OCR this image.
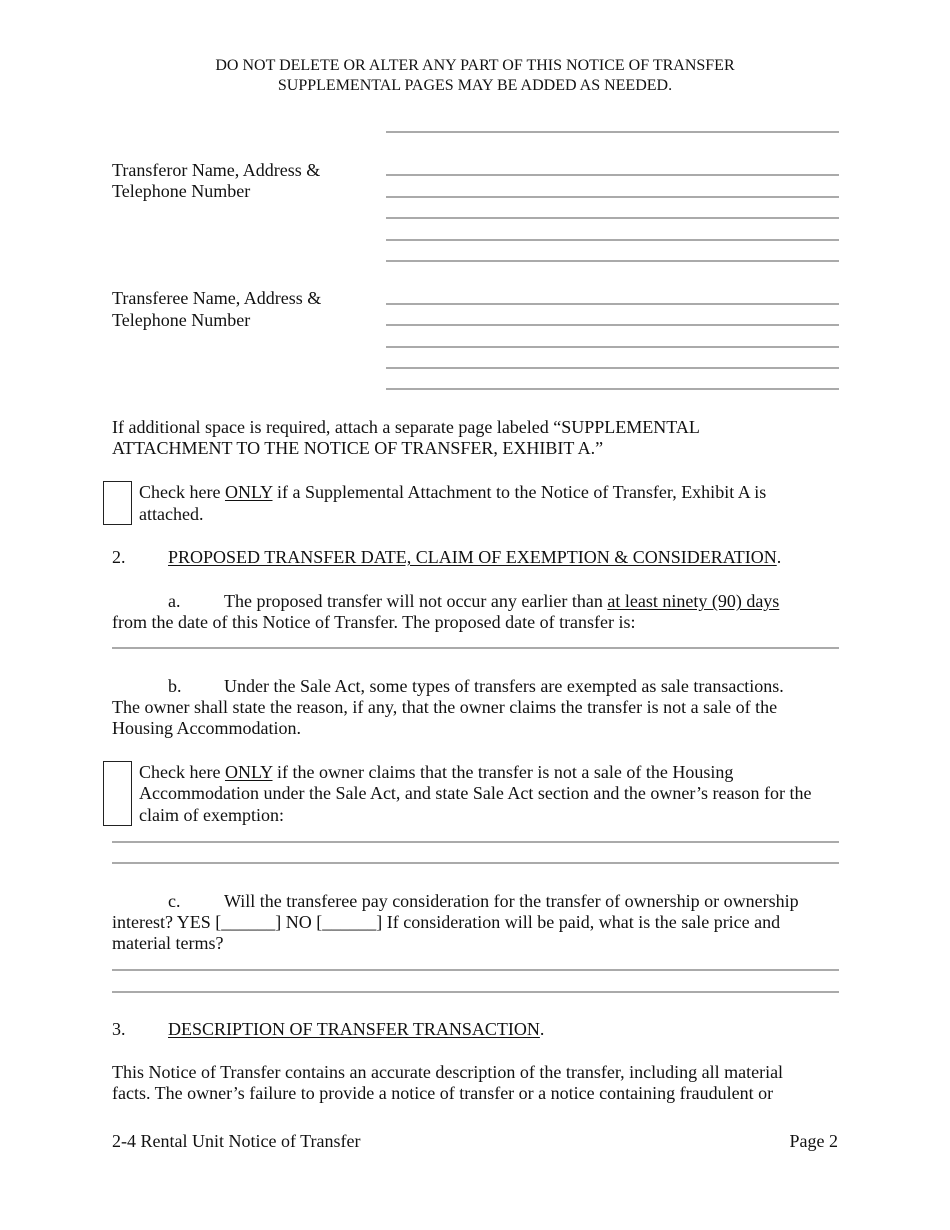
DO NOT DELETE OR ALTER ANY PART OF THIS NOTICE OF TRANSFER
SUPPLEMENTAL PAGES MAY BE ADDED AS NEEDED.
Transferor Name, Address &
Telephone Number
Transferee Name, Address &
Telephone Number
If additional space is required, attach a separate page labeled “SUPPLEMENTAL
ATTACHMENT TO THE NOTICE OF TRANSFER, EXHIBIT A.”
Check here ONLY if a Supplemental Attachment to the Notice of Transfer, Exhibit A is
attached.
2. PROPOSED TRANSFER DATE, CLAIM OF EXEMPTION & CONSIDERATION.
a. The proposed transfer will not occur any earlier than at least ninety (90) days
from the date of this Notice of Transfer. The proposed date of transfer is:
b. Under the Sale Act, some types of transfers are exempted as sale transactions.
The owner shall state the reason, if any, that the owner claims the transfer is not a sale of the
Housing Accommodation.
Check here ONLY if the owner claims that the transfer is not a sale of the Housing
Accommodation under the Sale Act, and state Sale Act section and the owner’s reason for the
claim of exemption:
c. Will the transferee pay consideration for the transfer of ownership or ownership
interest? YES [______] NO [______] If consideration will be paid, what is the sale price and
material terms?
3. DESCRIPTION OF TRANSFER TRANSACTION.
This Notice of Transfer contains an accurate description of the transfer, including all material
facts. The owner’s failure to provide a notice of transfer or a notice containing fraudulent or
2-4 Rental Unit Notice of Transfer	Page 2
